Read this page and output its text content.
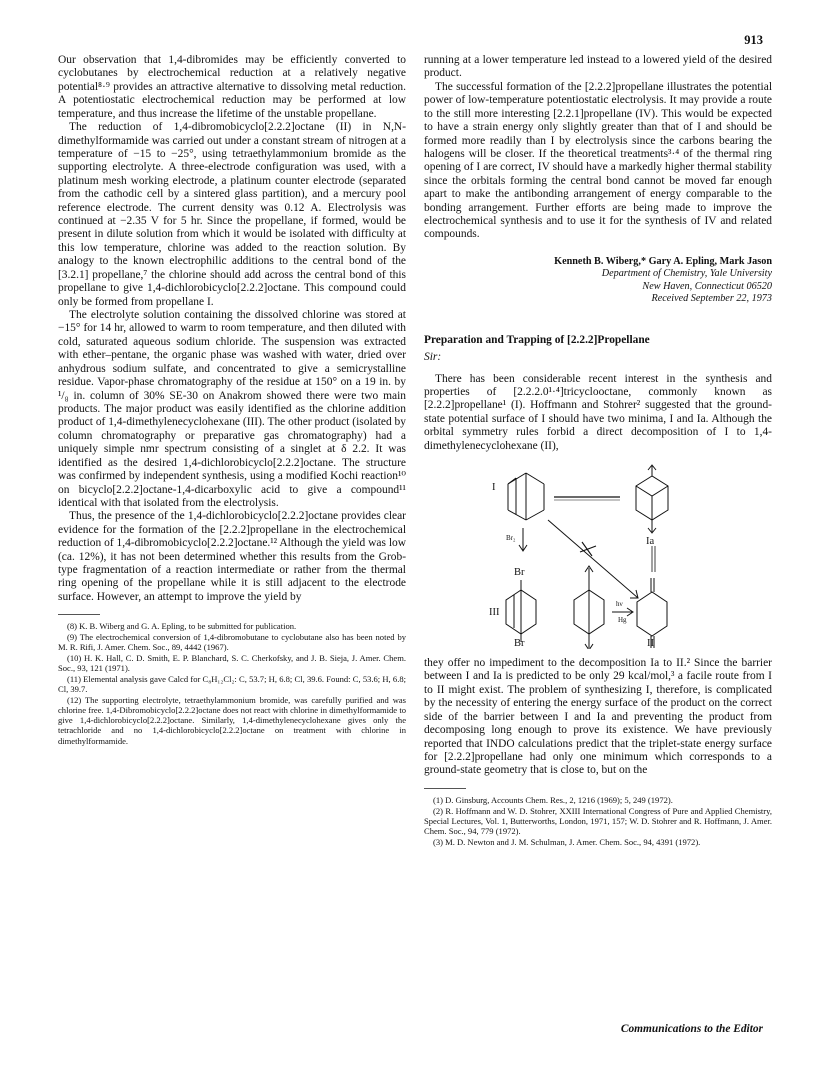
913

Our observation that 1,4-dibromides may be efficiently converted to cyclobutanes by electrochemical reduction at a relatively negative potential⁸·⁹ provides an attractive alternative to dissolving metal reduction. A potentiostatic electrochemical reduction may be performed at low temperature, and thus increase the lifetime of the unstable propellane.

The reduction of 1,4-dibromobicyclo[2.2.2]octane (II) in N,N-dimethylformamide was carried out under a constant stream of nitrogen at a temperature of −15 to −25°, using tetraethylammonium bromide as the supporting electrolyte. A three-electrode configuration was used, with a platinum mesh working electrode, a platinum counter electrode (separated from the cathodic cell by a sintered glass partition), and a mercury pool reference electrode. The current density was 0.12 A. Electrolysis was continued at −2.35 V for 5 hr. Since the propellane, if formed, would be present in dilute solution from which it would be isolated with difficulty at this low temperature, chlorine was added to the reaction solution. By analogy to the known electrophilic additions to the central bond of the [3.2.1] propellane,⁷ the chlorine should add across the central bond of this propellane to give 1,4-dichlorobicyclo[2.2.2]octane. This compound could only be formed from propellane I.

The electrolyte solution containing the dissolved chlorine was stored at −15° for 14 hr, allowed to warm to room temperature, and then diluted with cold, saturated aqueous sodium chloride. The suspension was extracted with ether–pentane, the organic phase was washed with water, dried over anhydrous sodium sulfate, and concentrated to give a semicrystalline residue. Vapor-phase chromatography of the residue at 150° on a 19 in. by ¹/₈ in. column of 30% SE-30 on Anakrom showed there were two main products. The major product was easily identified as the chlorine addition product of 1,4-dimethylenecyclohexane (III). The other product (isolated by column chromatography or preparative gas chromatography) had a uniquely simple nmr spectrum consisting of a singlet at δ 2.2. It was identified as the desired 1,4-dichlorobicyclo[2.2.2]octane. The structure was confirmed by independent synthesis, using a modified Kochi reaction¹⁰ on bicyclo[2.2.2]octane-1,4-dicarboxylic acid to give a compound¹¹ identical with that isolated from the electrolysis.

Thus, the presence of the 1,4-dichlorobicyclo[2.2.2]octane provides clear evidence for the formation of the [2.2.2]propellane in the electrochemical reduction of 1,4-dibromobicyclo[2.2.2]octane.¹² Although the yield was low (ca. 12%), it has not been determined whether this results from the Grob-type fragmentation of a reaction intermediate or rather from the thermal ring opening of the propellane while it is still adjacent to the electrode surface. However, an attempt to improve the yield by

(8) K. B. Wiberg and G. A. Epling, to be submitted for publication.

(9) The electrochemical conversion of 1,4-dibromobutane to cyclobutane also has been noted by M. R. Rifi, J. Amer. Chem. Soc., 89, 4442 (1967).

(10) H. K. Hall, C. D. Smith, E. P. Blanchard, S. C. Cherkofsky, and J. B. Sieja, J. Amer. Chem. Soc., 93, 121 (1971).

(11) Elemental analysis gave Calcd for C₈H₁₂Cl₂: C, 53.7; H, 6.8; Cl, 39.6. Found: C, 53.6; H, 6.8; Cl, 39.7.

(12) The supporting electrolyte, tetraethylammonium bromide, was carefully purified and was chlorine free. 1,4-Dibromobicyclo[2.2.2]octane does not react with chlorine in dimethylformamide to give 1,4-dichlorobicyclo[2.2.2]octane. Similarly, 1,4-dimethylenecyclohexane gives only the tetrachloride and no 1,4-dichlorobicyclo[2.2.2]octane on treatment with chlorine in dimethylformamide.

running at a lower temperature led instead to a lowered yield of the desired product.

The successful formation of the [2.2.2]propellane illustrates the potential power of low-temperature potentiostatic electrolysis. It may provide a route to the still more interesting [2.2.1]propellane (IV). This would be expected to have a strain energy only slightly greater than that of I and should be formed more readily than I by electrolysis since the carbons bearing the halogens will be closer. If the theoretical treatments³·⁴ of the thermal ring opening of I are correct, IV should have a markedly higher thermal stability since the orbitals forming the central bond cannot be moved far enough apart to make the antibonding arrangement of energy comparable to the bonding arrangement. Further efforts are being made to improve the electrochemical synthesis and to use it for the synthesis of IV and related compounds.

Kenneth B. Wiberg,* Gary A. Epling, Mark Jason
Department of Chemistry, Yale University
New Haven, Connecticut 06520
Received September 22, 1973
Preparation and Trapping of [2.2.2]Propellane
Sir:

There has been considerable recent interest in the synthesis and properties of [2.2.2.0¹·⁴]tricyclooctane, commonly known as [2.2.2]propellane¹ (I). Hoffmann and Stohrer² suggested that the ground-state potential surface of I should have two minima, I and Ia. Although the orbital symmetry rules forbid a direct decomposition of I to 1,4-dimethylenecyclohexane (II),

I
Ia
Br₂
Br
III
Br
hν
Hg
II

they offer no impediment to the decomposition Ia to II.² Since the barrier between I and Ia is predicted to be only 29 kcal/mol,³ a facile route from I to II might exist. The problem of synthesizing I, therefore, is complicated by the necessity of entering the energy surface of the product on the correct side of the barrier between I and Ia and preventing the product from decomposing long enough to prove its existence. We have previously reported that INDO calculations predict that the triplet-state energy surface for [2.2.2]propellane had only one minimum which corresponds to a ground-state geometry that is close to, but on the

(1) D. Ginsburg, Accounts Chem. Res., 2, 1216 (1969); 5, 249 (1972).

(2) R. Hoffmann and W. D. Stohrer, XXIII International Congress of Pure and Applied Chemistry, Special Lectures, Vol. 1, Butterworths, London, 1971, 157; W. D. Stohrer and R. Hoffmann, J. Amer. Chem. Soc., 94, 779 (1972).

(3) M. D. Newton and J. M. Schulman, J. Amer. Chem. Soc., 94, 4391 (1972).

Communications to the Editor
